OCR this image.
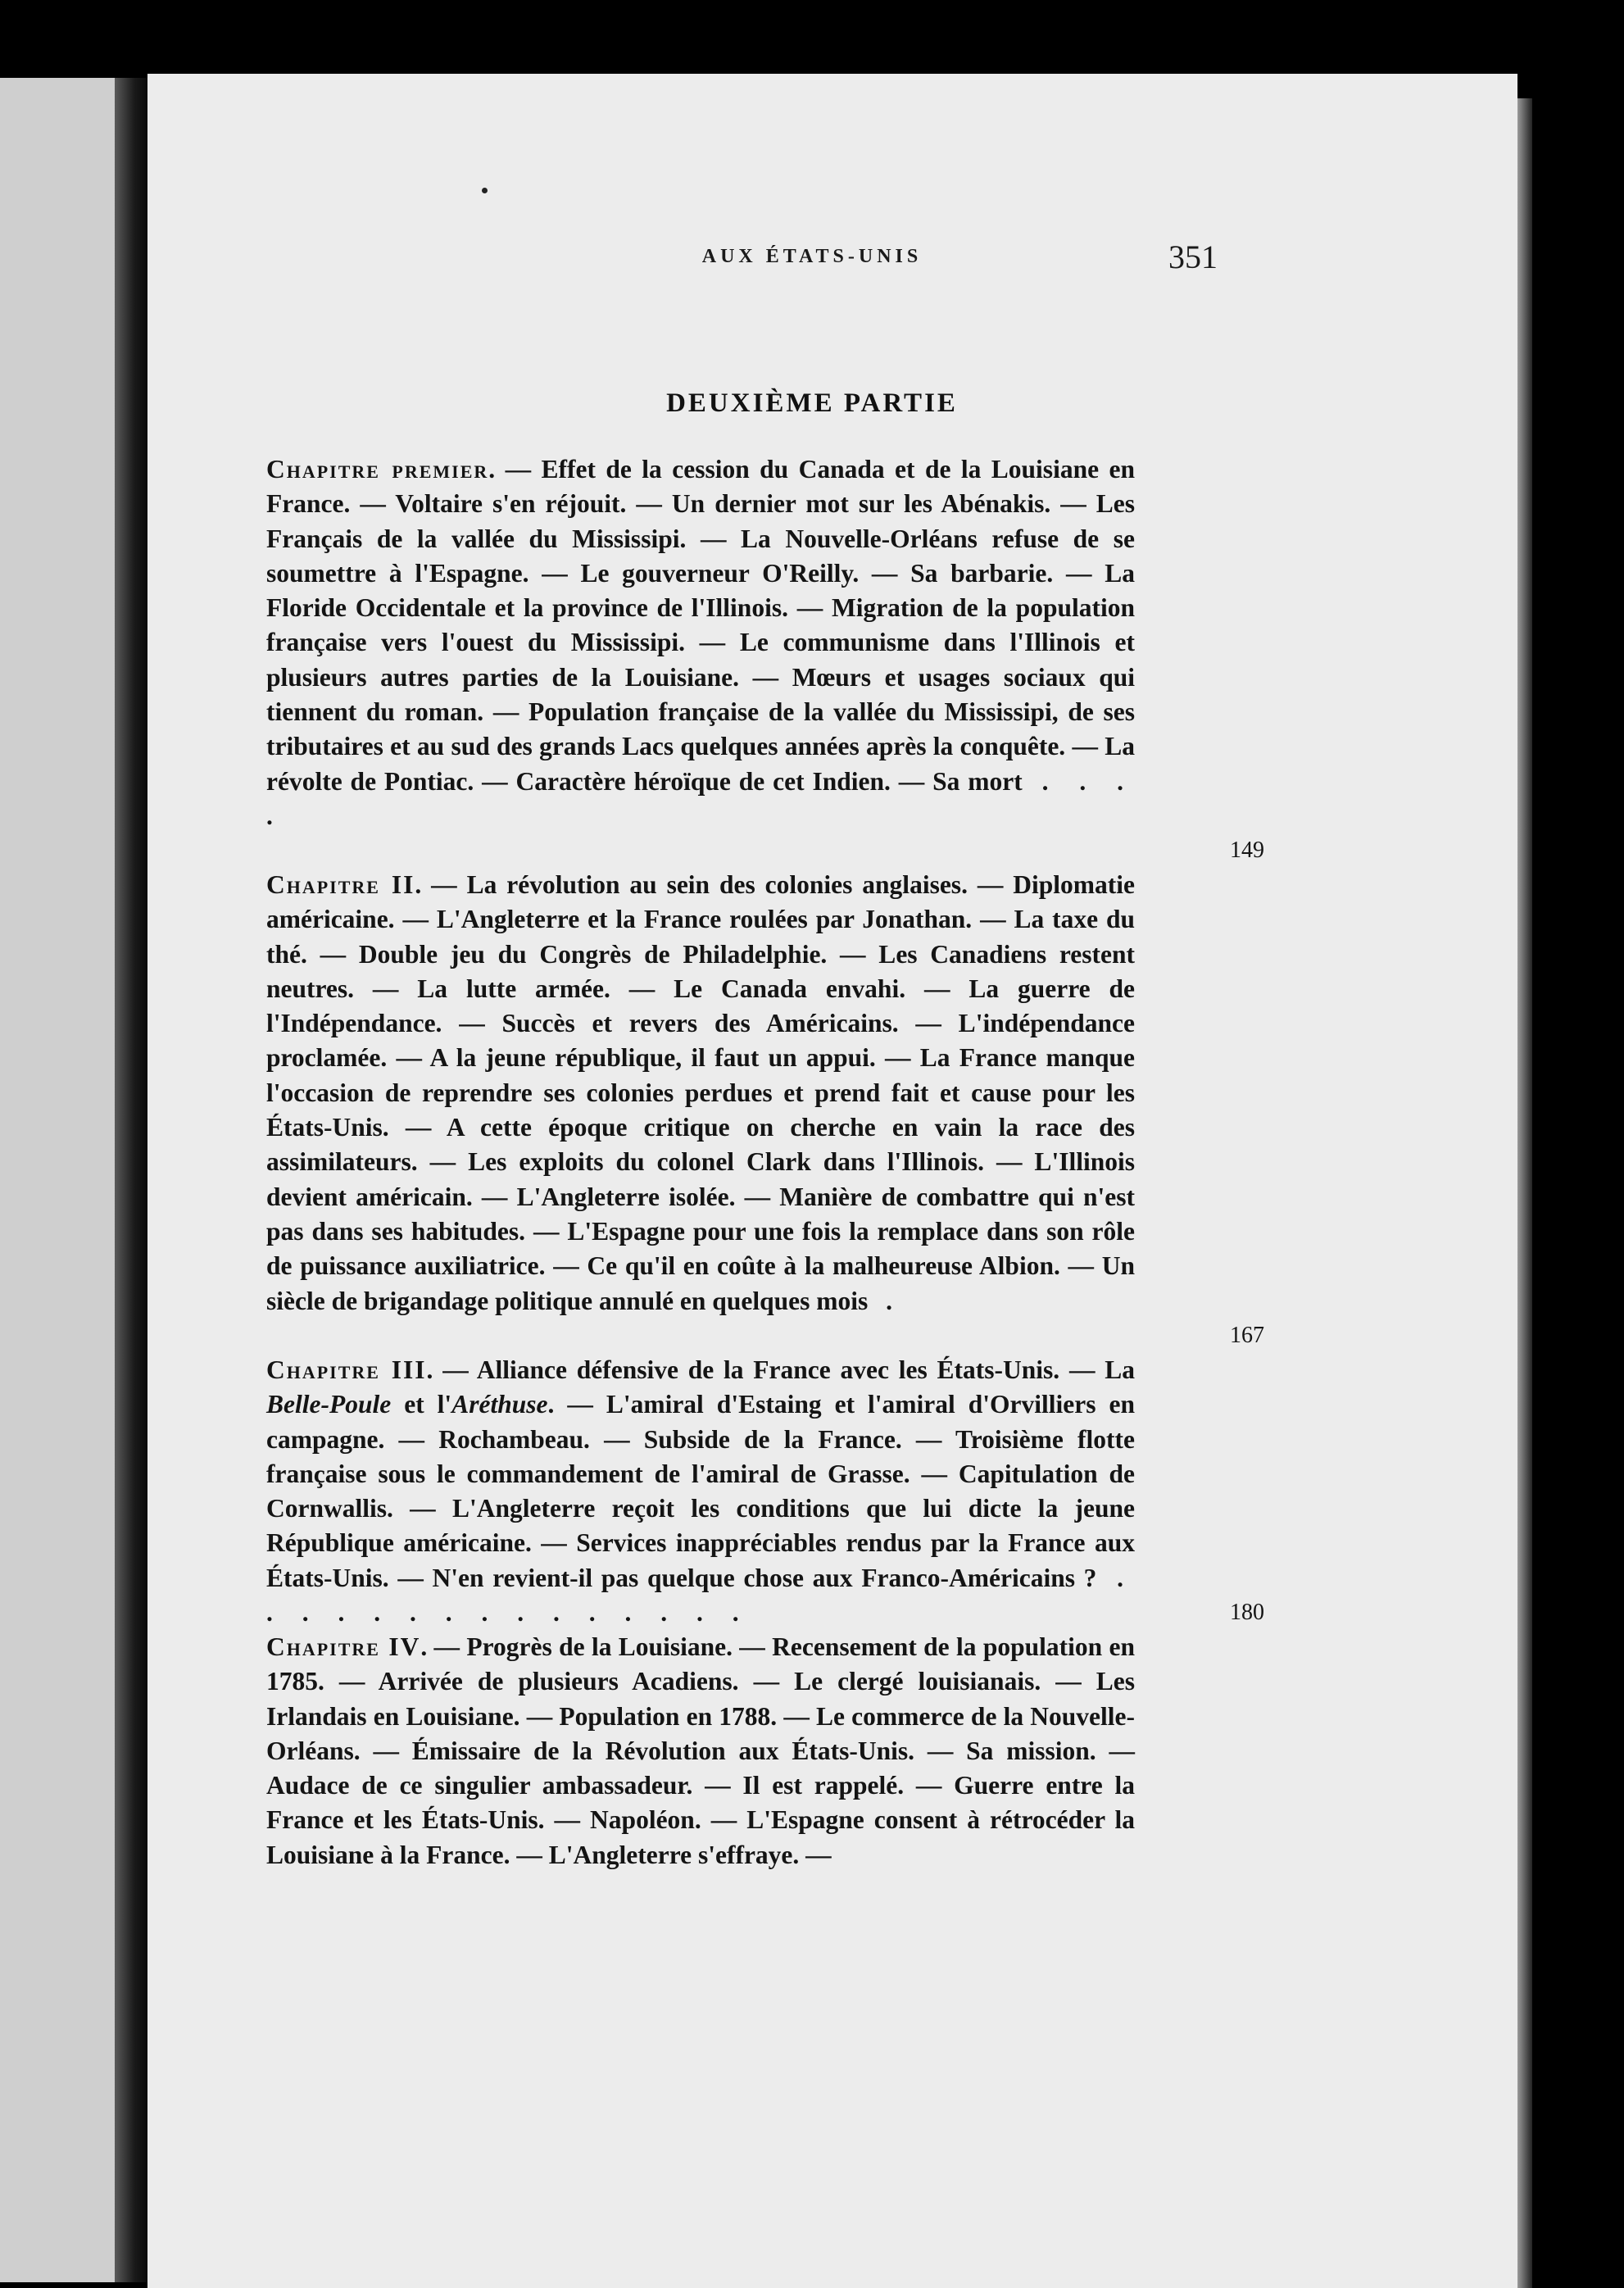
AUX ÉTATS-UNIS	351
DEUXIÈME PARTIE

Chapitre premier. — Effet de la cession du Canada et de la Louisiane en France. — Voltaire s'en réjouit. — Un dernier mot sur les Abénakis. — Les Français de la vallée du Mississipi. — La Nouvelle-Orléans refuse de se soumettre à l'Espagne. — Le gouverneur O'Reilly. — Sa barbarie. — La Floride Occidentale et la province de l'Illinois. — Migration de la population française vers l'ouest du Mississipi. — Le communisme dans l'Illinois et plusieurs autres parties de la Louisiane. — Mœurs et usages sociaux qui tiennent du roman. — Population française de la vallée du Mississipi, de ses tributaires et au sud des grands Lacs quelques années après la conquête. — La révolte de Pontiac. — Caractère héroïque de cet Indien. — Sa mort . . . .

149

Chapitre II. — La révolution au sein des colonies anglaises. — Diplomatie américaine. — L'Angleterre et la France roulées par Jonathan. — La taxe du thé. — Double jeu du Congrès de Philadelphie. — Les Canadiens restent neutres. — La lutte armée. — Le Canada envahi. — La guerre de l'Indépendance. — Succès et revers des Américains. — L'indépendance proclamée. — A la jeune république, il faut un appui. — La France manque l'occasion de reprendre ses colonies perdues et prend fait et cause pour les États-Unis. — A cette époque critique on cherche en vain la race des assimilateurs. — Les exploits du colonel Clark dans l'Illinois. — L'Illinois devient américain. — L'Angleterre isolée. — Manière de combattre qui n'est pas dans ses habitudes. — L'Espagne pour une fois la remplace dans son rôle de puissance auxiliatrice. — Ce qu'il en coûte à la malheureuse Albion. — Un siècle de brigandage politique annulé en quelques mois .

167

Chapitre III. — Alliance défensive de la France avec les États-Unis. — La Belle-Poule et l'Aréthuse. — L'amiral d'Estaing et l'amiral d'Orvilliers en campagne. — Rochambeau. — Subside de la France. — Troisième flotte française sous le commandement de l'amiral de Grasse. — Capitulation de Cornwallis. — L'Angleterre reçoit les conditions que lui dicte la jeune République américaine. — Services inappréciables rendus par la France aux États-Unis. — N'en revient-il pas quelque chose aux Franco-Américains ? . . . . . . . . . . . . . . .	180

Chapitre IV. — Progrès de la Louisiane. — Recensement de la population en 1785. — Arrivée de plusieurs Acadiens. — Le clergé louisianais. — Les Irlandais en Louisiane. — Population en 1788. — Le commerce de la Nouvelle-Orléans. — Émissaire de la Révolution aux États-Unis. — Sa mission. — Audace de ce singulier ambassadeur. — Il est rappelé. — Guerre entre la France et les États-Unis. — Napoléon. — L'Espagne consent à rétrocéder la Louisiane à la France. — L'Angleterre s'effraye. —
